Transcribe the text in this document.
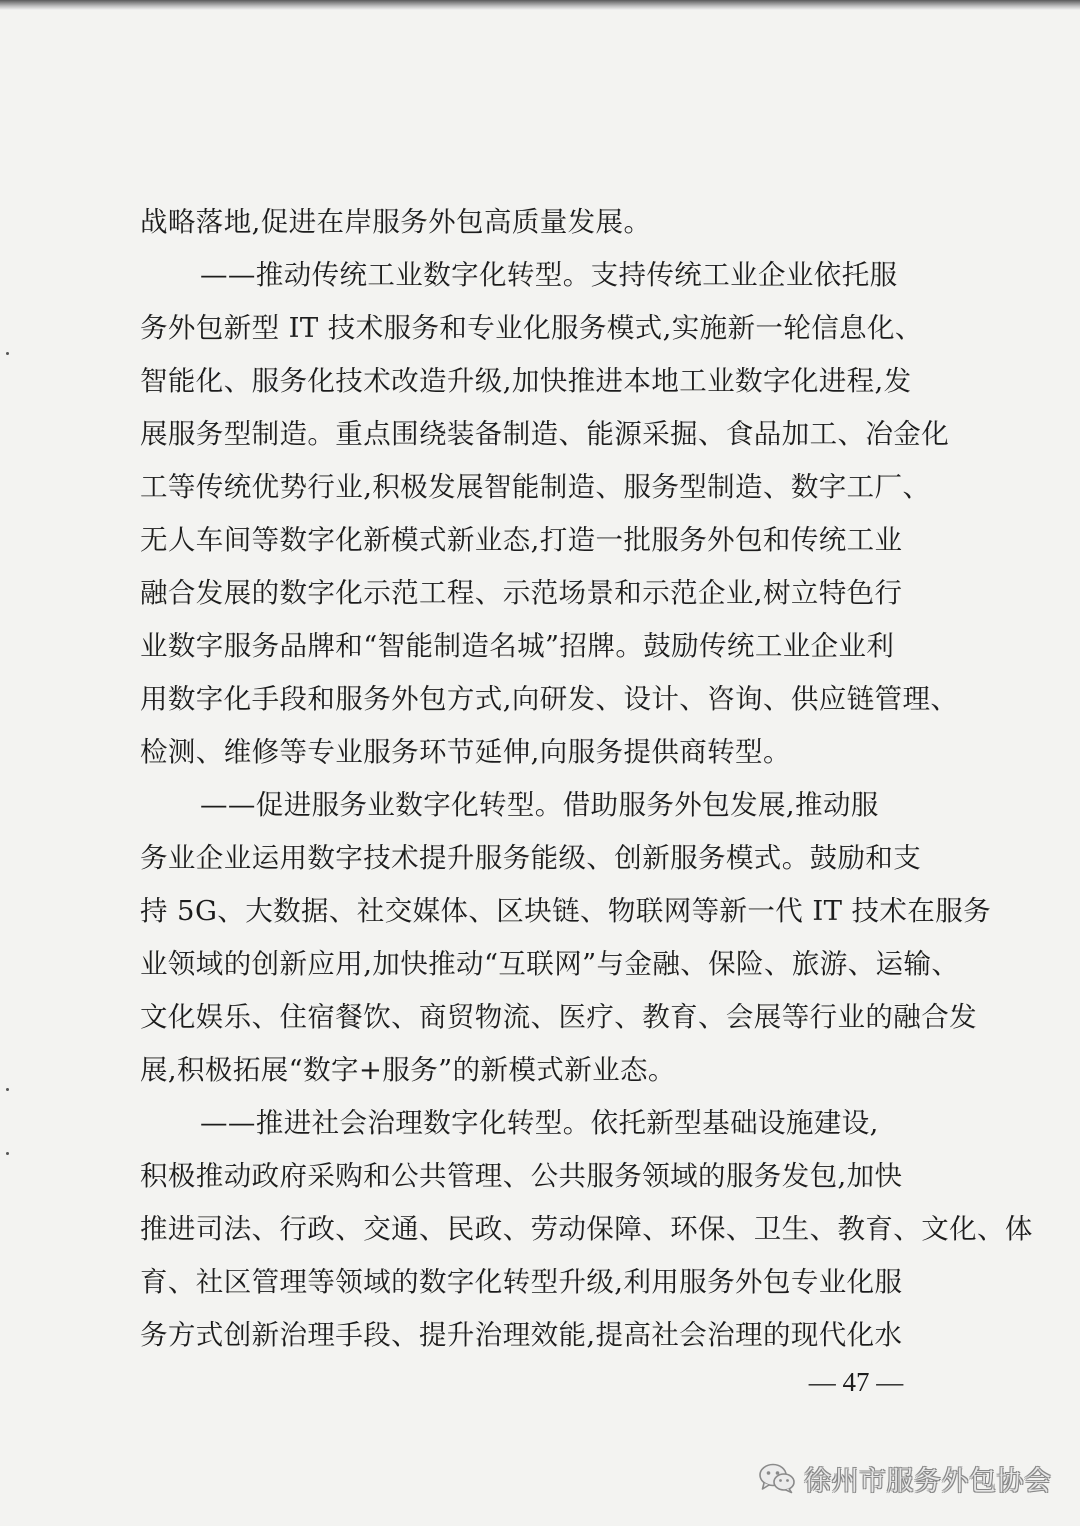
战略落地,促进在岸服务外包高质量发展。
——推动传统工业数字化转型。支持传统工业企业依托服
务外包新型 IT 技术服务和专业化服务模式,实施新一轮信息化、
智能化、服务化技术改造升级,加快推进本地工业数字化进程,发
展服务型制造。重点围绕装备制造、能源采掘、食品加工、冶金化
工等传统优势行业,积极发展智能制造、服务型制造、数字工厂、
无人车间等数字化新模式新业态,打造一批服务外包和传统工业
融合发展的数字化示范工程、示范场景和示范企业,树立特色行
业数字服务品牌和“智能制造名城”招牌。鼓励传统工业企业利
用数字化手段和服务外包方式,向研发、设计、咨询、供应链管理、
检测、维修等专业服务环节延伸,向服务提供商转型。
——促进服务业数字化转型。借助服务外包发展,推动服
务业企业运用数字技术提升服务能级、创新服务模式。鼓励和支
持 5G、大数据、社交媒体、区块链、物联网等新一代 IT 技术在服务
业领域的创新应用,加快推动“互联网”与金融、保险、旅游、运输、
文化娱乐、住宿餐饮、商贸物流、医疗、教育、会展等行业的融合发
展,积极拓展“数字+服务”的新模式新业态。
——推进社会治理数字化转型。依托新型基础设施建设,
积极推动政府采购和公共管理、公共服务领域的服务发包,加快
推进司法、行政、交通、民政、劳动保障、环保、卫生、教育、文化、体
育、社区管理等领域的数字化转型升级,利用服务外包专业化服
务方式创新治理手段、提升治理效能,提高社会治理的现代化水
— 47 —
徐州市服务外包协会
